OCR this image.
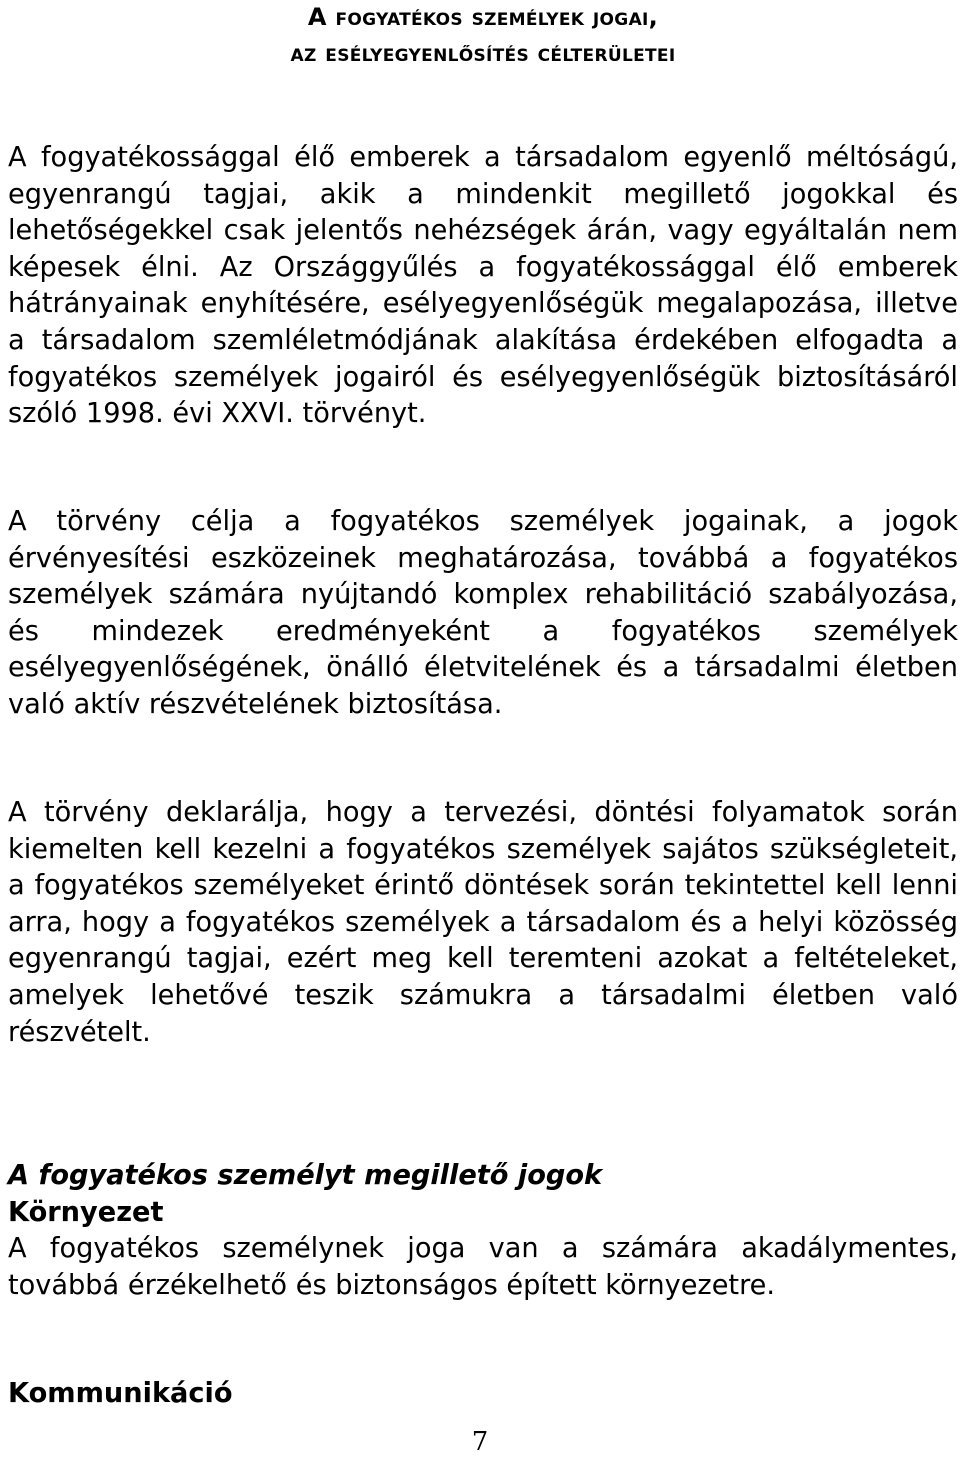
A fogyatékos személyek jogai,
az esélyegyenlősítés célterületei

A fogyatékossággal élő emberek a társadalom egyenlő méltóságú, egyenrangú tagjai, akik a mindenkit megillető jogokkal és lehetőségekkel csak jelentős nehézségek árán, vagy egyáltalán nem képesek élni. Az Országgyűlés a fogyatékossággal élő emberek hátrányainak enyhítésére, esélyegyenlőségük megalapozása, illetve a társadalom szemléletmódjának alakítása érdekében elfogadta a fogyatékos személyek jogairól és esélyegyenlőségük biztosításáról szóló 1998. évi XXVI. törvényt.

A törvény célja a fogyatékos személyek jogainak, a jogok érvényesítési eszközeinek meghatározása, továbbá a fogyatékos személyek számára nyújtandó komplex rehabilitáció szabályozása, és mindezek eredményeként a fogyatékos személyek esélyegyenlőségének, önálló életvitelének és a társadalmi életben való aktív részvételének biztosítása.

A törvény deklarálja, hogy a tervezési, döntési folyamatok során kiemelten kell kezelni a fogyatékos személyek sajátos szükségleteit, a fogyatékos személyeket érintő döntések során tekintettel kell lenni arra, hogy a fogyatékos személyek a társadalom és a helyi közösség egyenrangú tagjai, ezért meg kell teremteni azokat a feltételeket, amelyek lehetővé teszik számukra a társadalmi életben való részvételt.

A fogyatékos személyt megillető jogok

Környezet

A fogyatékos személynek joga van a számára akadálymentes, továbbá érzékelhető és biztonságos épített környezetre.

Kommunikáció

7
